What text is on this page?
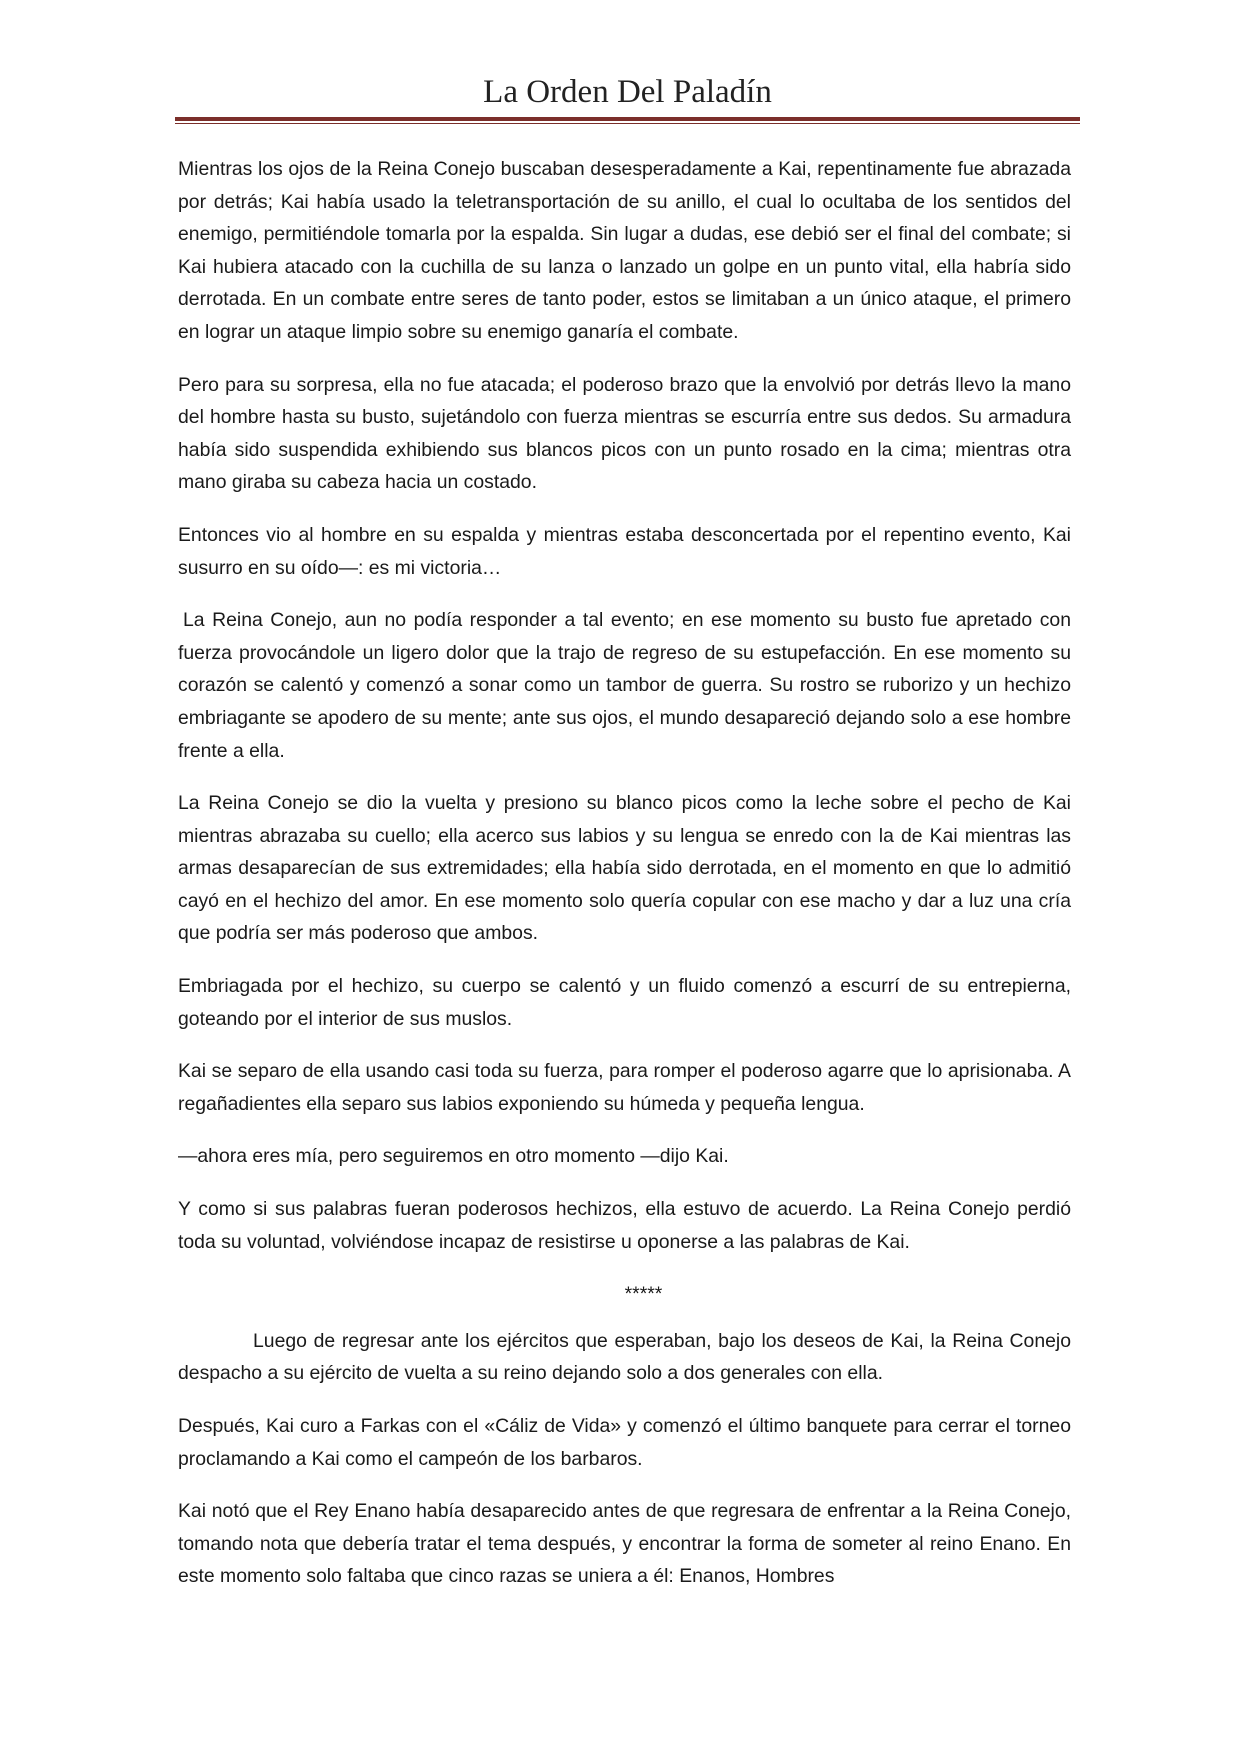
La Orden Del Paladín

Mientras los ojos de la Reina Conejo buscaban desesperadamente a Kai, repentinamente fue abrazada por detrás; Kai había usado la teletransportación de su anillo, el cual lo ocultaba de los sentidos del enemigo, permitiéndole tomarla por la espalda. Sin lugar a dudas, ese debió ser el final del combate; si Kai hubiera atacado con la cuchilla de su lanza o lanzado un golpe en un punto vital, ella habría sido derrotada. En un combate entre seres de tanto poder, estos se limitaban a un único ataque, el primero en lograr un ataque limpio sobre su enemigo ganaría el combate.

Pero para su sorpresa, ella no fue atacada; el poderoso brazo que la envolvió por detrás llevo la mano del hombre hasta su busto, sujetándolo con fuerza mientras se escurría entre sus dedos. Su armadura había sido suspendida exhibiendo sus blancos picos con un punto rosado en la cima; mientras otra mano giraba su cabeza hacia un costado.

Entonces vio al hombre en su espalda y mientras estaba desconcertada por el repentino evento, Kai susurro en su oído—: es mi victoria…

La Reina Conejo, aun no podía responder a tal evento; en ese momento su busto fue apretado con fuerza provocándole un ligero dolor que la trajo de regreso de su estupefacción. En ese momento su corazón se calentó y comenzó a sonar como un tambor de guerra. Su rostro se ruborizo y un hechizo embriagante se apodero de su mente; ante sus ojos, el mundo desapareció dejando solo a ese hombre frente a ella.

La Reina Conejo se dio la vuelta y presiono su blanco picos como la leche sobre el pecho de Kai mientras abrazaba su cuello; ella acerco sus labios y su lengua se enredo con la de Kai mientras las armas desaparecían de sus extremidades; ella había sido derrotada, en el momento en que lo admitió cayó en el hechizo del amor. En ese momento solo quería copular con ese macho y dar a luz una cría que podría ser más poderoso que ambos.

Embriagada por el hechizo, su cuerpo se calentó y un fluido comenzó a escurrí de su entrepierna, goteando por el interior de sus muslos.

Kai se separo de ella usando casi toda su fuerza, para romper el poderoso agarre que lo aprisionaba. A regañadientes ella separo sus labios exponiendo su húmeda y pequeña lengua.

—ahora eres mía, pero seguiremos en otro momento —dijo Kai.

Y como si sus palabras fueran poderosos hechizos, ella estuvo de acuerdo. La Reina Conejo perdió toda su voluntad, volviéndose incapaz de resistirse u oponerse a las palabras de Kai.

*****

Luego de regresar ante los ejércitos que esperaban, bajo los deseos de Kai, la Reina Conejo despacho a su ejército de vuelta a su reino dejando solo a dos generales con ella.

Después, Kai curo a Farkas con el «Cáliz de Vida» y comenzó el último banquete para cerrar el torneo proclamando a Kai como el campeón de los barbaros.

Kai notó que el Rey Enano había desaparecido antes de que regresara de enfrentar a la Reina Conejo, tomando nota que debería tratar el tema después, y encontrar la forma de someter al reino Enano. En este momento solo faltaba que cinco razas se uniera a él: Enanos, Hombres
